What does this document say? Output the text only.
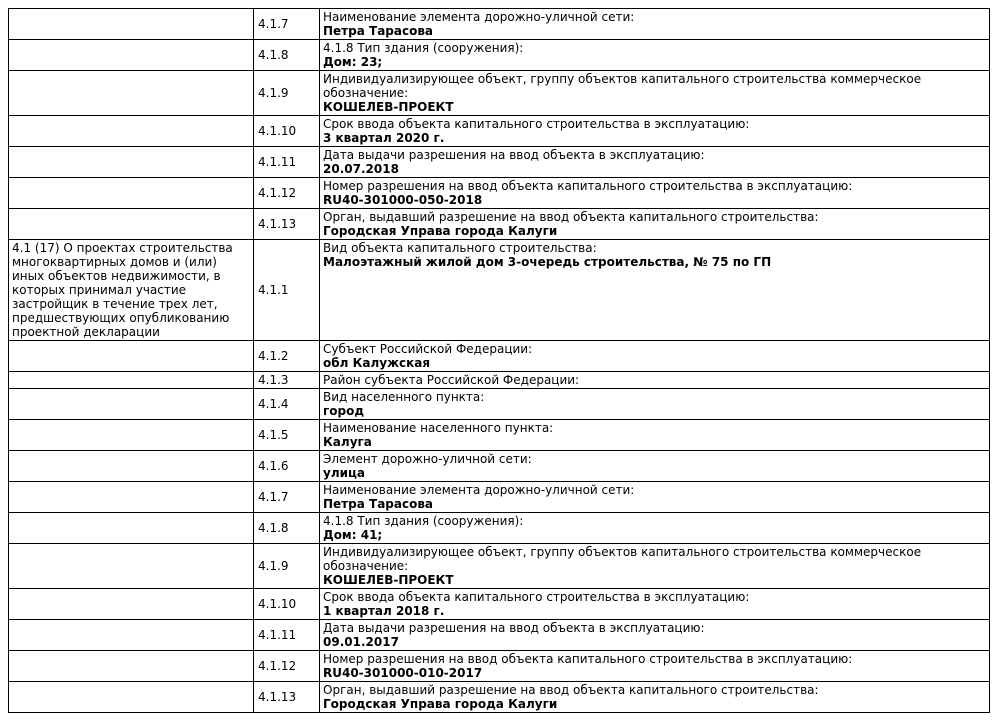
	4.1.7	Наименование элемента дорожно-уличной сети:
Петра Тарасова

	4.1.8	4.1.8 Тип здания (сооружения):
Дом: 23;

	4.1.9	Индивидуализирующее объект, группу объектов капитального строительства коммерческое обозначение:
КОШЕЛЕВ-ПРОЕКТ

	4.1.10	Срок ввода объекта капитального строительства в эксплуатацию:
3 квартал 2020 г.

	4.1.11	Дата выдачи разрешения на ввод объекта в эксплуатацию:
20.07.2018

	4.1.12	Номер разрешения на ввод объекта капитального строительства в эксплуатацию:
RU40-301000-050-2018

	4.1.13	Орган, выдавший разрешение на ввод объекта капитального строительства:
Городская Управа города Калуги

4.1 (17) О проектах строительства многоквартирных домов и (или) иных объектов недвижимости, в которых принимал участие застройщик в течение трех лет, предшествующих опубликованию проектной декларации	4.1.1	Вид объекта капитального строительства:
Малоэтажный жилой дом 3-очередь строительства, № 75 по ГП

	4.1.2	Субъект Российской Федерации:
обл Калужская

	4.1.3	Район субъекта Российской Федерации:

	4.1.4	Вид населенного пункта:
город

	4.1.5	Наименование населенного пункта:
Калуга

	4.1.6	Элемент дорожно-уличной сети:
улица

	4.1.7	Наименование элемента дорожно-уличной сети:
Петра Тарасова

	4.1.8	4.1.8 Тип здания (сооружения):
Дом: 41;

	4.1.9	Индивидуализирующее объект, группу объектов капитального строительства коммерческое обозначение:
КОШЕЛЕВ-ПРОЕКТ

	4.1.10	Срок ввода объекта капитального строительства в эксплуатацию:
1 квартал 2018 г.

	4.1.11	Дата выдачи разрешения на ввод объекта в эксплуатацию:
09.01.2017

	4.1.12	Номер разрешения на ввод объекта капитального строительства в эксплуатацию:
RU40-301000-010-2017

	4.1.13	Орган, выдавший разрешение на ввод объекта капитального строительства:
Городская Управа города Калуги
